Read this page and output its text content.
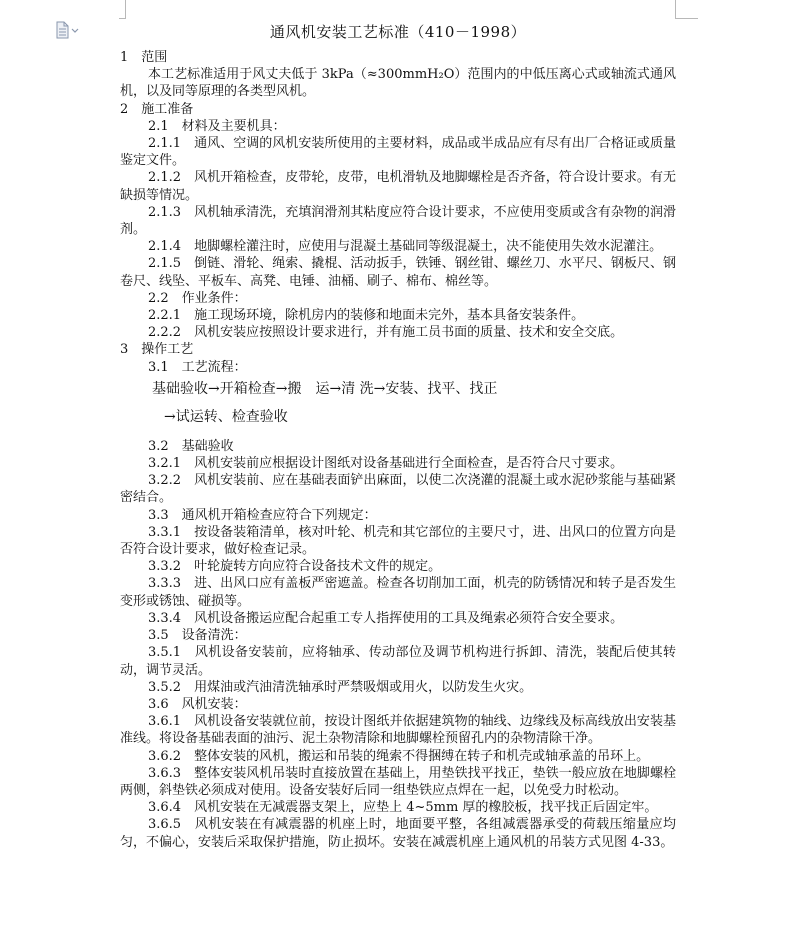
通风机安装工艺标准（410－1998）

1　范围

本工艺标准适用于风丈夫低于 3kPa（≈300mmH₂O）范围内的中低压离心式或轴流式通风机，以及同等原理的各类型风机。

2　施工准备

2.1　材料及主要机具：

2.1.1　通风、空调的风机安装所使用的主要材料，成品或半成品应有尽有出厂合格证或质量鉴定文件。

2.1.2　风机开箱检查，皮带轮，皮带，电机滑轨及地脚螺栓是否齐备，符合设计要求。有无缺损等情况。

2.1.3　风机轴承清洗，充填润滑剂其粘度应符合设计要求，不应使用变质或含有杂物的润滑剂。

2.1.4　地脚螺栓灌注时，应使用与混凝土基础同等级混凝土，决不能使用失效水泥灌注。

2.1.5　倒链、滑轮、绳索、撬棍、活动扳手，铁锤、钢丝钳、螺丝刀、水平尺、钢板尺、钢卷尺、线坠、平板车、高凳、电锤、油桶、刷子、棉布、棉丝等。

2.2　作业条件：

2.2.1　施工现场环境，除机房内的装修和地面未完外，基本具备安装条件。

2.2.2　风机安装应按照设计要求进行，并有施工员书面的质量、技术和安全交底。

3　操作工艺

3.1　工艺流程：

基础验收→开箱检查→搬　运→清 洗→安装、找平、找正

→试运转、检查验收

3.2　基础验收

3.2.1　风机安装前应根据设计图纸对设备基础进行全面检查，是否符合尺寸要求。

3.2.2　风机安装前、应在基础表面铲出麻面，以使二次浇灌的混凝土或水泥砂浆能与基础紧密结合。

3.3　通风机开箱检查应符合下列规定：

3.3.1　按设备装箱清单，核对叶轮、机壳和其它部位的主要尺寸，进、出风口的位置方向是否符合设计要求，做好检查记录。

3.3.2　叶轮旋转方向应符合设备技术文件的规定。

3.3.3　进、出风口应有盖板严密遮盖。检查各切削加工面，机壳的防锈情况和转子是否发生变形或锈蚀、碰损等。

3.3.4　风机设备搬运应配合起重工专人指挥使用的工具及绳索必须符合安全要求。

3.5　设备清洗：

3.5.1　风机设备安装前，应将轴承、传动部位及调节机构进行拆卸、清洗，装配后使其转动，调节灵活。

3.5.2　用煤油或汽油清洗轴承时严禁吸烟或用火，以防发生火灾。

3.6　风机安装：

3.6.1　风机设备安装就位前，按设计图纸并依据建筑物的轴线、边缘线及标高线放出安装基准线。将设备基础表面的油污、泥土杂物清除和地脚螺栓预留孔内的杂物清除干净。

3.6.2　整体安装的风机，搬运和吊装的绳索不得捆缚在转子和机壳或轴承盖的吊环上。

3.6.3　整体安装风机吊装时直接放置在基础上，用垫铁找平找正，垫铁一般应放在地脚螺栓两侧，斜垫铁必须成对使用。设备安装好后同一组垫铁应点焊在一起，以免受力时松动。

3.6.4　风机安装在无减震器支架上，应垫上 4~5mm 厚的橡胶板，找平找正后固定牢。

3.6.5　风机安装在有减震器的机座上时，地面要平整，各组减震器承受的荷载压缩量应均匀，不偏心，安装后采取保护措施，防止损坏。安装在减震机座上通风机的吊装方式见图 4-33。
